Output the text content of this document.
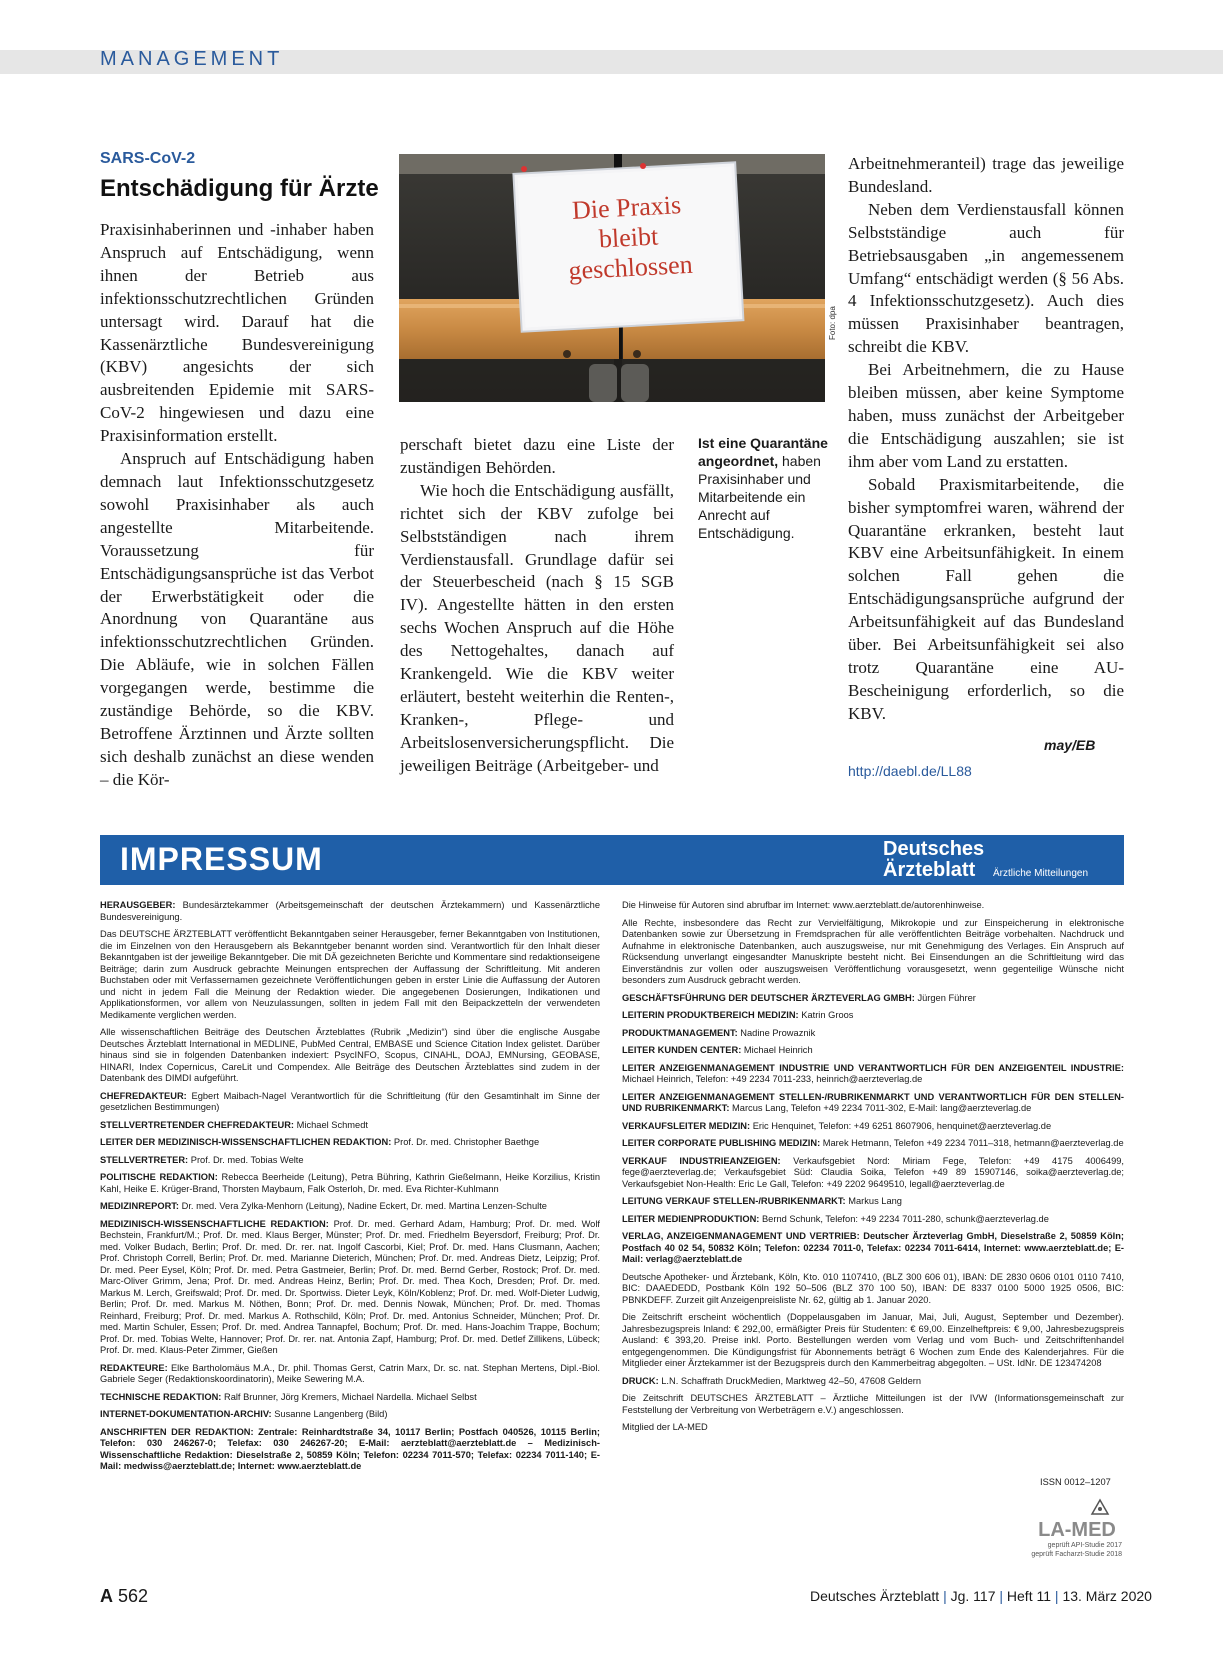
MANAGEMENT
SARS-CoV-2
Entschädigung für Ärzte

Praxisinhaberinnen und -inhaber haben Anspruch auf Entschädigung, wenn ihnen der Betrieb aus infektionsschutzrechtlichen Gründen untersagt wird. Darauf hat die Kassenärztliche Bundesvereinigung (KBV) angesichts der sich ausbreitenden Epidemie mit SARS-CoV-2 hingewiesen und dazu eine Praxisinformation erstellt.

Anspruch auf Entschädigung haben demnach laut Infektionsschutzgesetz sowohl Praxisinhaber als auch angestellte Mitarbeitende. Voraussetzung für Entschädigungsansprüche ist das Verbot der Erwerbstätigkeit oder die Anordnung von Quarantäne aus infektionsschutzrechtlichen Gründen. Die Abläufe, wie in solchen Fällen vorgegangen werde, bestimme die zuständige Behörde, so die KBV. Betroffene Ärztinnen und Ärzte sollten sich deshalb zunächst an diese wenden – die Kör-

Die Praxis
bleibt
geschlossen
Foto: dpa

perschaft bietet dazu eine Liste der zuständigen Behörden.

Wie hoch die Entschädigung ausfällt, richtet sich der KBV zufolge bei Selbstständigen nach ihrem Verdienstausfall. Grundlage dafür sei der Steuerbescheid (nach § 15 SGB IV). Angestellte hätten in den ersten sechs Wochen Anspruch auf die Höhe des Nettogehaltes, danach auf Krankengeld. Wie die KBV weiter erläutert, besteht weiterhin die Renten-, Kranken-, Pflege- und Arbeitslosenversicherungspflicht. Die jeweiligen Beiträge (Arbeitgeber- und

Ist eine Quarantäne angeordnet, haben Praxisinhaber und Mitarbeitende ein Anrecht auf Entschädigung.

Arbeitnehmeranteil) trage das jeweilige Bundesland.

Neben dem Verdienstausfall können Selbstständige auch für Betriebsausgaben „in angemessenem Umfang“ entschädigt werden (§ 56 Abs. 4 Infektionsschutzgesetz). Auch dies müssen Praxisinhaber beantragen, schreibt die KBV.

Bei Arbeitnehmern, die zu Hause bleiben müssen, aber keine Symptome haben, muss zunächst der Arbeitgeber die Entschädigung auszahlen; sie ist ihm aber vom Land zu erstatten.

Sobald Praxismitarbeitende, die bisher symptomfrei waren, während der Quarantäne erkranken, besteht laut KBV eine Arbeitsunfähigkeit. In einem solchen Fall gehen die Entschädigungsansprüche aufgrund der Arbeitsunfähigkeit auf das Bundesland über. Bei Arbeitsunfähigkeit sei also trotz Quarantäne eine AU-Bescheinigung erforderlich, so die KBV.

may/EB
http://daebl.de/LL88
IMPRESSUM	Deutsches
Ärzteblatt Ärztliche Mitteilungen

HERAUSGEBER: Bundesärztekammer (Arbeitsgemeinschaft der deutschen Ärztekammern) und Kassenärztliche Bundesvereinigung.

Das DEUTSCHE ÄRZTEBLATT veröffentlicht Bekanntgaben seiner Herausgeber, ferner Bekanntgaben von Institutionen, die im Einzelnen von den Herausgebern als Bekanntgeber benannt worden sind. Verantwortlich für den Inhalt dieser Bekanntgaben ist der jeweilige Bekanntgeber. Die mit DÄ gezeichneten Berichte und Kommentare sind redaktionseigene Beiträge; darin zum Ausdruck gebrachte Meinungen entsprechen der Auffassung der Schriftleitung. Mit anderen Buchstaben oder mit Verfassernamen gezeichnete Veröffentlichungen geben in erster Linie die Auffassung der Autoren und nicht in jedem Fall die Meinung der Redaktion wieder. Die angegebenen Dosierungen, Indikationen und Applikationsformen, vor allem von Neuzulassungen, sollten in jedem Fall mit den Beipackzetteln der verwendeten Medikamente verglichen werden.

Alle wissenschaftlichen Beiträge des Deutschen Ärzteblattes (Rubrik „Medizin“) sind über die englische Ausgabe Deutsches Ärzteblatt International in MEDLINE, PubMed Central, EMBASE und Science Citation Index gelistet. Darüber hinaus sind sie in folgenden Datenbanken indexiert: PsycINFO, Scopus, CINAHL, DOAJ, EMNursing, GEOBASE, HINARI, Index Copernicus, CareLit und Compendex. Alle Beiträge des Deutschen Ärzteblattes sind zudem in der Datenbank des DIMDI aufgeführt.

CHEFREDAKTEUR: Egbert Maibach-Nagel Verantwortlich für die Schriftleitung (für den Gesamtinhalt im Sinne der gesetzlichen Bestimmungen)

STELLVERTRETENDER CHEFREDAKTEUR: Michael Schmedt

LEITER DER MEDIZINISCH-WISSENSCHAFTLICHEN REDAKTION: Prof. Dr. med. Christopher Baethge

STELLVERTRETER: Prof. Dr. med. Tobias Welte

POLITISCHE REDAKTION: Rebecca Beerheide (Leitung), Petra Bühring, Kathrin Gießelmann, Heike Korzilius, Kristin Kahl, Heike E. Krüger-Brand, Thorsten Maybaum, Falk Osterloh, Dr. med. Eva Richter-Kuhlmann

MEDIZINREPORT: Dr. med. Vera Zylka-Menhorn (Leitung), Nadine Eckert, Dr. med. Martina Lenzen-Schulte

MEDIZINISCH-WISSENSCHAFTLICHE REDAKTION: Prof. Dr. med. Gerhard Adam, Hamburg; Prof. Dr. med. Wolf Bechstein, Frankfurt/M.; Prof. Dr. med. Klaus Berger, Münster; Prof. Dr. med. Friedhelm Beyersdorf, Freiburg; Prof. Dr. med. Volker Budach, Berlin; Prof. Dr. med. Dr. rer. nat. Ingolf Cascorbi, Kiel; Prof. Dr. med. Hans Clusmann, Aachen; Prof. Christoph Correll, Berlin; Prof. Dr. med. Marianne Dieterich, München; Prof. Dr. med. Andreas Dietz, Leipzig; Prof. Dr. med. Peer Eysel, Köln; Prof. Dr. med. Petra Gastmeier, Berlin; Prof. Dr. med. Bernd Gerber, Rostock; Prof. Dr. med. Marc-Oliver Grimm, Jena; Prof. Dr. med. Andreas Heinz, Berlin; Prof. Dr. med. Thea Koch, Dresden; Prof. Dr. med. Markus M. Lerch, Greifswald; Prof. Dr. med. Dr. Sportwiss. Dieter Leyk, Köln/Koblenz; Prof. Dr. med. Wolf-Dieter Ludwig, Berlin; Prof. Dr. med. Markus M. Nöthen, Bonn; Prof. Dr. med. Dennis Nowak, München; Prof. Dr. med. Thomas Reinhard, Freiburg; Prof. Dr. med. Markus A. Rothschild, Köln; Prof. Dr. med. Antonius Schneider, München; Prof. Dr. med. Martin Schuler, Essen; Prof. Dr. med. Andrea Tannapfel, Bochum; Prof. Dr. med. Hans-Joachim Trappe, Bochum; Prof. Dr. med. Tobias Welte, Hannover; Prof. Dr. rer. nat. Antonia Zapf, Hamburg; Prof. Dr. med. Detlef Zillikens, Lübeck; Prof. Dr. med. Klaus-Peter Zimmer, Gießen

REDAKTEURE: Elke Bartholomäus M.A., Dr. phil. Thomas Gerst, Catrin Marx, Dr. sc. nat. Stephan Mertens, Dipl.-Biol. Gabriele Seger (Redaktionskoordinatorin), Meike Sewering M.A.

TECHNISCHE REDAKTION: Ralf Brunner, Jörg Kremers, Michael Nardella. Michael Selbst

INTERNET-DOKUMENTATION-ARCHIV: Susanne Langenberg (Bild)

ANSCHRIFTEN DER REDAKTION: Zentrale: Reinhardtstraße 34, 10117 Berlin; Postfach 040526, 10115 Berlin; Telefon: 030 246267-0; Telefax: 030 246267-20; E-Mail: aerzteblatt@aerzteblatt.de – Medizinisch-Wissenschaftliche Redaktion: Dieselstraße 2, 50859 Köln; Telefon: 02234 7011-570; Telefax: 02234 7011-140; E-Mail: medwiss@aerzteblatt.de; Internet: www.aerzteblatt.de

Die Hinweise für Autoren sind abrufbar im Internet: www.aerzteblatt.de/autorenhinweise.

Alle Rechte, insbesondere das Recht zur Vervielfältigung, Mikrokopie und zur Einspeicherung in elektronische Datenbanken sowie zur Übersetzung in Fremdsprachen für alle veröffentlichten Beiträge vorbehalten. Nachdruck und Aufnahme in elektronische Datenbanken, auch auszugsweise, nur mit Genehmigung des Verlages. Ein Anspruch auf Rücksendung unverlangt eingesandter Manuskripte besteht nicht. Bei Einsendungen an die Schriftleitung wird das Einverständnis zur vollen oder auszugsweisen Veröffentlichung vorausgesetzt, wenn gegenteilige Wünsche nicht besonders zum Ausdruck gebracht werden.

GESCHÄFTSFÜHRUNG DER DEUTSCHER ÄRZTEVERLAG GMBH: Jürgen Führer

LEITERIN PRODUKTBEREICH MEDIZIN: Katrin Groos

PRODUKTMANAGEMENT: Nadine Prowaznik

LEITER KUNDEN CENTER: Michael Heinrich

LEITER ANZEIGENMANAGEMENT INDUSTRIE UND VERANTWORTLICH FÜR DEN ANZEIGENTEIL INDUSTRIE: Michael Heinrich, Telefon: +49 2234 7011-233, heinrich@aerzteverlag.de

LEITER ANZEIGENMANAGEMENT STELLEN-/RUBRIKENMARKT UND VERANTWORTLICH FÜR DEN STELLEN- UND RUBRIKENMARKT: Marcus Lang, Telefon +49 2234 7011-302, E-Mail: lang@aerzteverlag.de

VERKAUFSLEITER MEDIZIN: Eric Henquinet, Telefon: +49 6251 8607906, henquinet@aerzteverlag.de

LEITER CORPORATE PUBLISHING MEDIZIN: Marek Hetmann, Telefon +49 2234 7011–318, hetmann@aerzteverlag.de

VERKAUF INDUSTRIEANZEIGEN: Verkaufsgebiet Nord: Miriam Fege, Telefon: +49 4175 4006499, fege@aerzteverlag.de; Verkaufsgebiet Süd: Claudia Soika, Telefon +49 89 15907146, soika@aerzteverlag.de; Verkaufsgebiet Non-Health: Eric Le Gall, Telefon: +49 2202 9649510, legall@aerzteverlag.de

LEITUNG VERKAUF STELLEN-/RUBRIKENMARKT: Markus Lang

LEITER MEDIENPRODUKTION: Bernd Schunk, Telefon: +49 2234 7011-280, schunk@aerzteverlag.de

VERLAG, ANZEIGENMANAGEMENT UND VERTRIEB: Deutscher Ärzteverlag GmbH, Dieselstraße 2, 50859 Köln; Postfach 40 02 54, 50832 Köln; Telefon: 02234 7011-0, Telefax: 02234 7011-6414, Internet: www.aerzteblatt.de; E-Mail: verlag@aerzteblatt.de

Deutsche Apotheker- und Ärztebank, Köln, Kto. 010 1107410, (BLZ 300 606 01), IBAN: DE 2830 0606 0101 0110 7410, BIC: DAAEDEDD, Postbank Köln 192 50–506 (BLZ 370 100 50), IBAN: DE 8337 0100 5000 1925 0506, BIC: PBNKDEFF. Zurzeit gilt Anzeigenpreisliste Nr. 62, gültig ab 1. Januar 2020.

Die Zeitschrift erscheint wöchentlich (Doppelausgaben im Januar, Mai, Juli, August, September und Dezember). Jahresbezugspreis Inland: € 292,00, ermäßigter Preis für Studenten: € 69,00. Einzelheftpreis: € 9,00, Jahresbezugspreis Ausland: € 393,20. Preise inkl. Porto. Bestellungen werden vom Verlag und vom Buch- und Zeitschriftenhandel entgegengenommen. Die Kündigungsfrist für Abonnements beträgt 6 Wochen zum Ende des Kalenderjahres. Für die Mitglieder einer Ärztekammer ist der Bezugspreis durch den Kammerbeitrag abgegolten. – USt. IdNr. DE 123474208

DRUCK: L.N. Schaffrath DruckMedien, Marktweg 42–50, 47608 Geldern

Die Zeitschrift DEUTSCHES ÄRZTEBLATT – Ärztliche Mitteilungen ist der IVW (Informationsgemeinschaft zur Feststellung der Verbreitung von Werbeträgern e.V.) angeschlossen.

Mitglied der LA-MED

ISSN 0012–1207
LA-MED
geprüft API-Studie 2017
geprüft Facharzt-Studie 2018
A 562	Deutsches Ärzteblatt | Jg. 117 | Heft 11 | 13. März 2020
